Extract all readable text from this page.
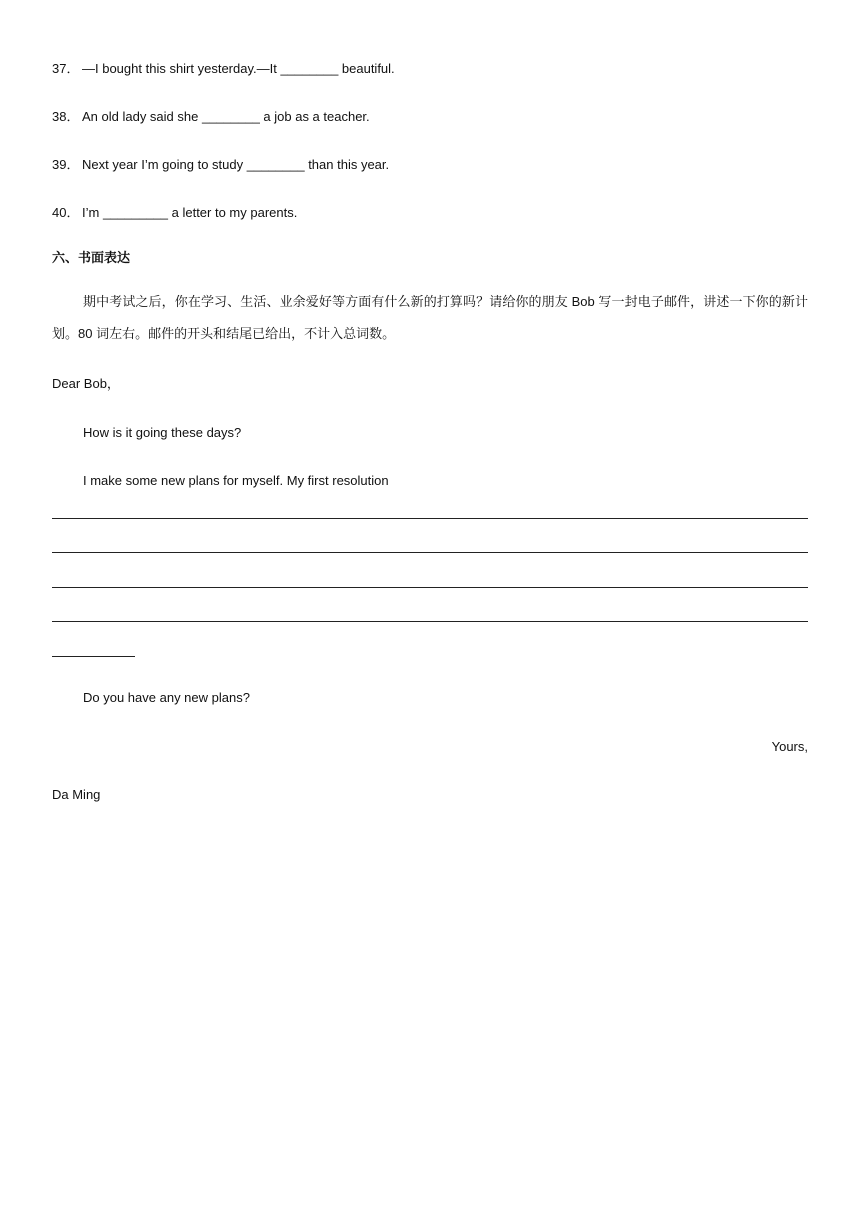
37． —I bought this shirt yesterday.—It ________ beautiful.
38． An old lady said she ________ a job as a teacher.
39． Next year I’m going to study ________ than this year.
40． I’m _________ a letter to my parents.
六、书面表达
期中考试之后，你在学习、生活、业余爱好等方面有什么新的打算吗？请给你的朋友 Bob 写一封电子邮件，讲述一下你的新计划。80 词左右。邮件的开头和结尾已给出，不计入总词数。
Dear Bob，
How is it going these days?
I make some new plans for myself. My first resolution
Do you have any new plans?
Yours,
Da Ming
